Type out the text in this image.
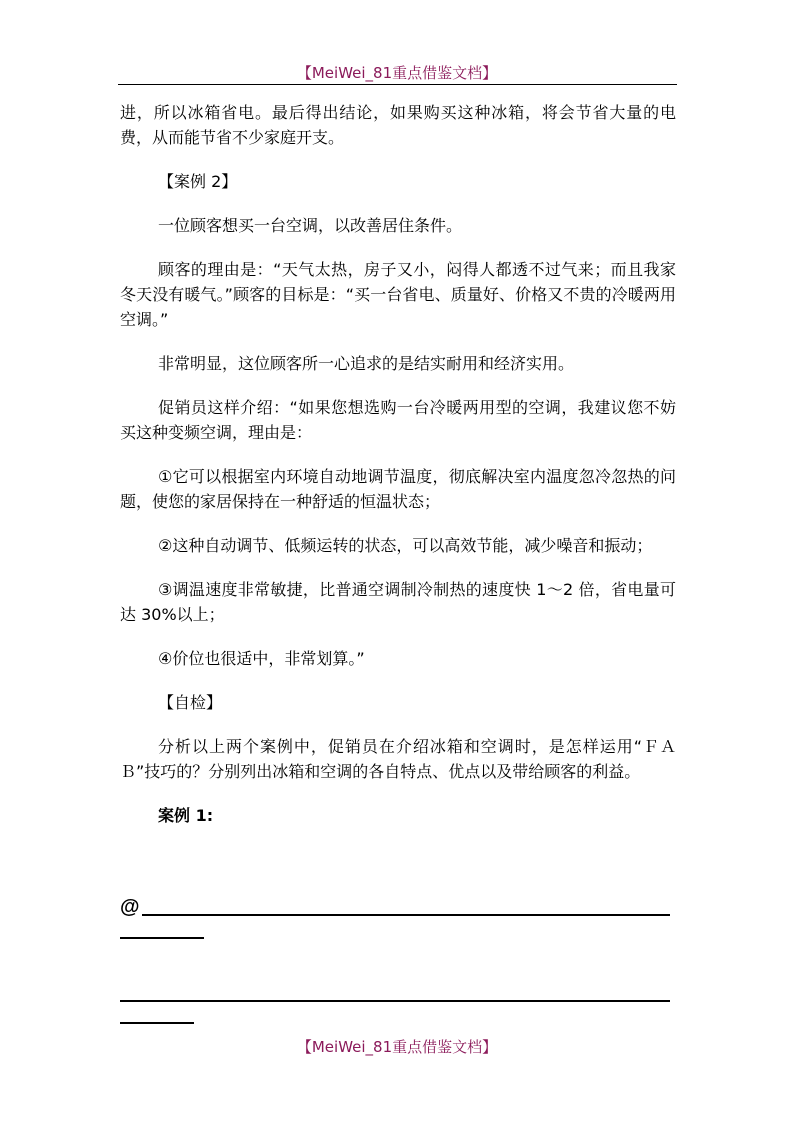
【MeiWei_81重点借鉴文档】

进，所以冰箱省电。最后得出结论，如果购买这种冰箱，将会节省大量的电费，从而能节省不少家庭开支。

【案例 2】

一位顾客想买一台空调，以改善居住条件。

顾客的理由是：“天气太热，房子又小，闷得人都透不过气来；而且我家冬天没有暖气。”顾客的目标是：“买一台省电、质量好、价格又不贵的冷暖两用空调。”

非常明显，这位顾客所一心追求的是结实耐用和经济实用。

促销员这样介绍：“如果您想选购一台冷暖两用型的空调，我建议您不妨买这种变频空调，理由是：

①它可以根据室内环境自动地调节温度，彻底解决室内温度忽冷忽热的问题，使您的家居保持在一种舒适的恒温状态；

②这种自动调节、低频运转的状态，可以高效节能，减少噪音和振动；

③调温速度非常敏捷，比普通空调制冷制热的速度快 1～2 倍，省电量可达 30%以上；

④价位也很适中，非常划算。”

【自检】

分析以上两个案例中，促销员在介绍冰箱和空调时，是怎样运用“ＦＡＢ”技巧的？分别列出冰箱和空调的各自特点、优点以及带给顾客的利益。

案例 1:

@
【MeiWei_81重点借鉴文档】
